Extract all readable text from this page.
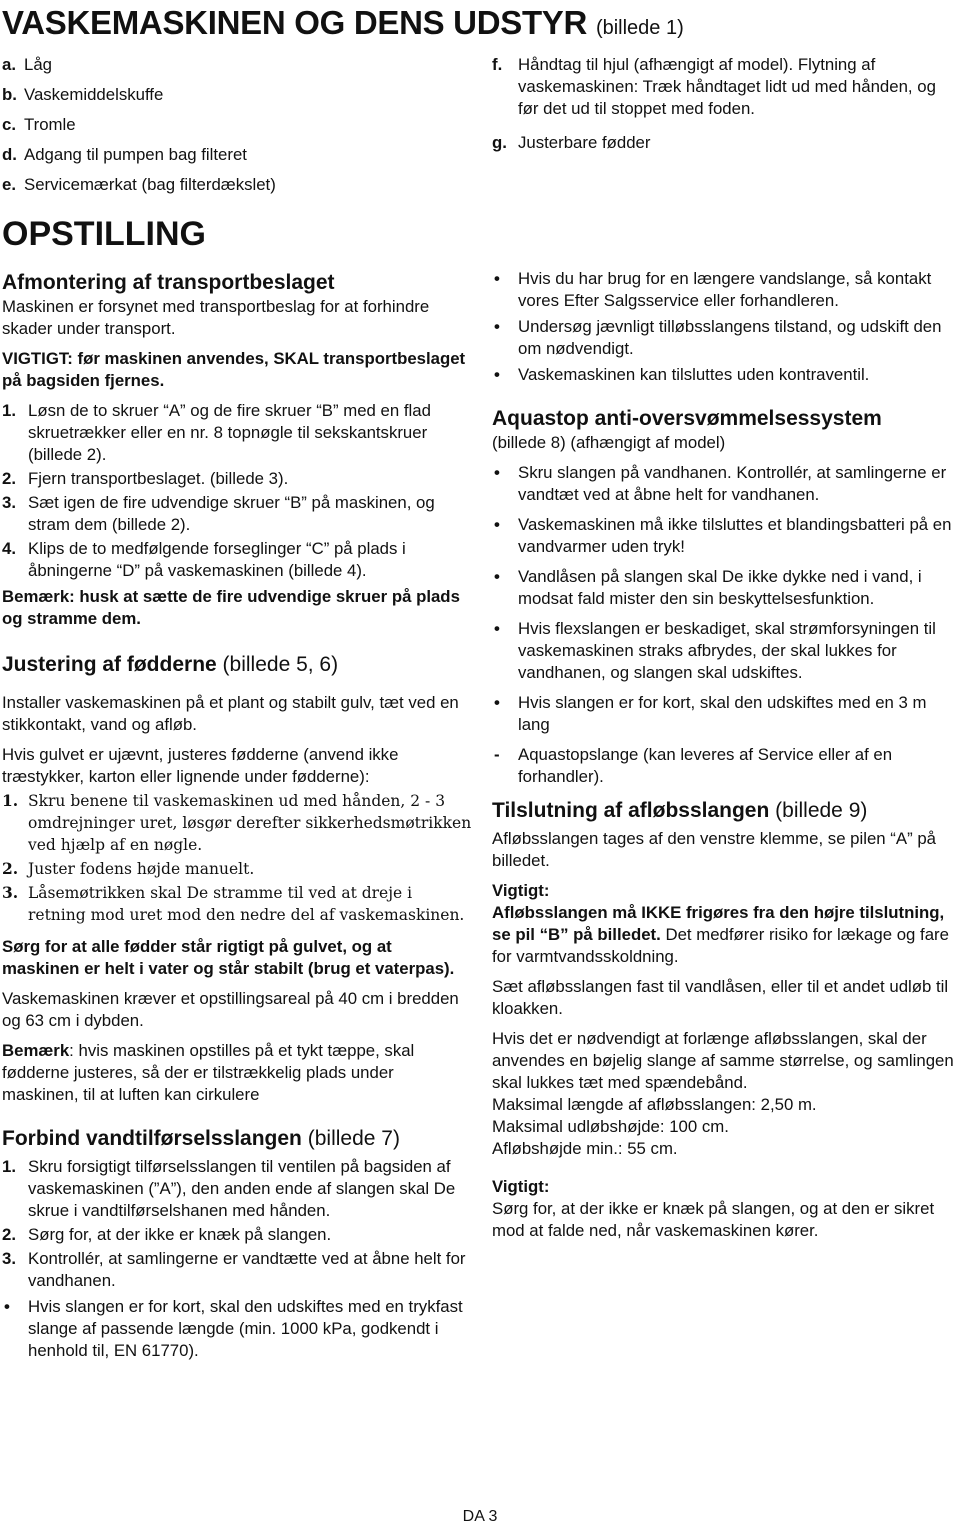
VASKEMASKINEN OG DENS UDSTYR (billede 1)
a. Låg
b. Vaskemiddelskuffe
c. Tromle
d. Adgang til pumpen bag filteret
e. Servicemærkat (bag filterdækslet)
f. Håndtag til hjul (afhængigt af model). Flytning af vaskemaskinen: Træk håndtaget lidt ud med hånden, og før det ud til stoppet med foden.
g. Justerbare fødder
OPSTILLING
Afmontering af transportbeslaget

Maskinen er forsynet med transportbeslag for at forhindre skader under transport.

VIGTIGT: før maskinen anvendes, SKAL transportbeslaget på bagsiden fjernes.

1. Løsn de to skruer “A” og de fire skruer “B” med en flad skruetrækker eller en nr. 8 topnøgle til sekskantskruer (billede 2).
2. Fjern transportbeslaget. (billede 3).
3. Sæt igen de fire udvendige skruer “B” på maskinen, og stram dem (billede 2).
4. Klips de to medfølgende forseglinger “C” på plads i åbningerne “D” på vaskemaskinen (billede 4).

Bemærk: husk at sætte de fire udvendige skruer på plads og stramme dem.

Justering af fødderne (billede 5, 6)

Installer vaskemaskinen på et plant og stabilt gulv, tæt ved en stikkontakt, vand og afløb.

Hvis gulvet er ujævnt, justeres fødderne (anvend ikke træstykker, karton eller lignende under fødderne):

1. Skru benene til vaskemaskinen ud med hånden, 2 - 3 omdrejninger uret, løsgør derefter sikkerhedsmøtrikken ved hjælp af en nøgle.
2. Juster fodens højde manuelt.
3. Låsemøtrikken skal De stramme til ved at dreje i retning mod uret mod den nedre del af vaskemaskinen.

Sørg for at alle fødder står rigtigt på gulvet, og at maskinen er helt i vater og står stabilt (brug et vaterpas).

Vaskemaskinen kræver et opstillingsareal på 40 cm i bredden og 63 cm i dybden.

Bemærk: hvis maskinen opstilles på et tykt tæppe, skal fødderne justeres, så der er tilstrækkelig plads under maskinen, til at luften kan cirkulere

Forbind vandtilførselsslangen (billede 7)
1. Skru forsigtigt tilførselsslangen til ventilen på bagsiden af vaskemaskinen (”A”), den anden ende af slangen skal De skrue i vandtilførselshanen med hånden.
2. Sørg for, at der ikke er knæk på slangen.
3. Kontrollér, at samlingerne er vandtætte ved at åbne helt for vandhanen.
• Hvis slangen er for kort, skal den udskiftes med en trykfast slange af passende længde (min. 1000 kPa, godkendt i henhold til, EN 61770).
• Hvis du har brug for en længere vandslange, så kontakt vores Efter Salgsservice eller forhandleren.
• Undersøg jævnligt tilløbsslangens tilstand, og udskift den om nødvendigt.
• Vaskemaskinen kan tilsluttes uden kontraventil.
Aquastop anti-oversvømmelsessystem

(billede 8) (afhængigt af model)

• Skru slangen på vandhanen. Kontrollér, at samlingerne er vandtæt ved at åbne helt for vandhanen.
• Vaskemaskinen må ikke tilsluttes et blandingsbatteri på en vandvarmer uden tryk!
• Vandlåsen på slangen skal De ikke dykke ned i vand, i modsat fald mister den sin beskyttelsesfunktion.
• Hvis flexslangen er beskadiget, skal strømforsyningen til vaskemaskinen straks afbrydes, der skal lukkes for vandhanen, og slangen skal udskiftes.
• Hvis slangen er for kort, skal den udskiftes med en 3 m lang
- Aquastopslange (kan leveres af Service eller af en forhandler).
Tilslutning af afløbsslangen (billede 9)

Afløbsslangen tages af den venstre klemme, se pilen “A” på billedet.

Vigtigt:

Afløbsslangen må IKKE frigøres fra den højre tilslutning, se pil “B” på billedet. Det medfører risiko for lækage og fare for varmtvandsskoldning.

Sæt afløbsslangen fast til vandlåsen, eller til et andet udløb til kloakken.

Hvis det er nødvendigt at forlænge afløbsslangen, skal der anvendes en bøjelig slange af samme størrelse, og samlingen skal lukkes tæt med spændebånd.

Maksimal længde af afløbsslangen: 2,50 m.

Maksimal udløbshøjde: 100 cm.

Afløbshøjde min.: 55 cm.

Vigtigt:

Sørg for, at der ikke er knæk på slangen, og at den er sikret mod at falde ned, når vaskemaskinen kører.

DA 3
